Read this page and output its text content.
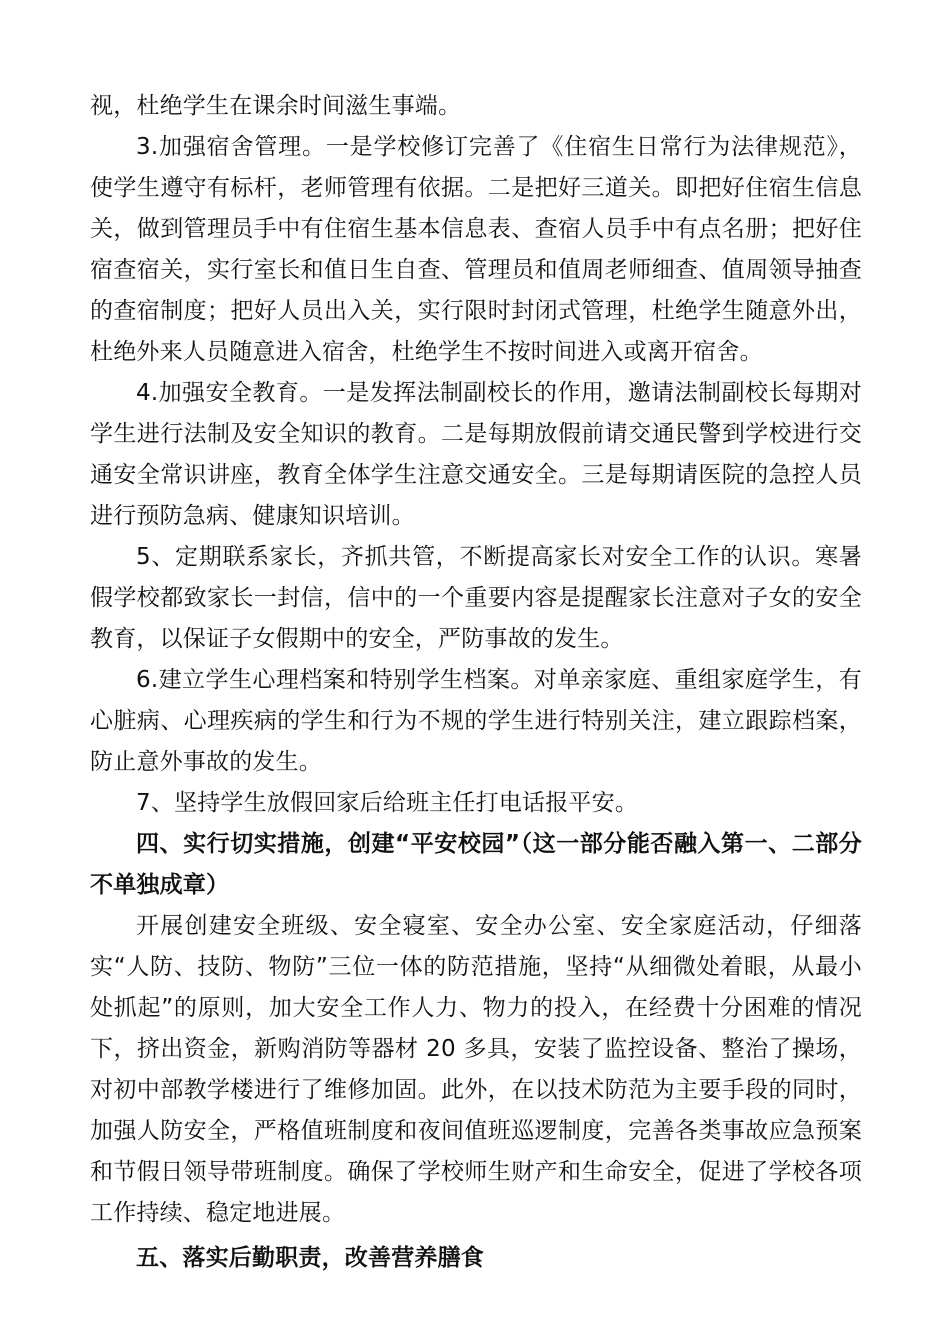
视，杜绝学生在课余时间滋生事端。

3.加强宿舍管理。一是学校修订完善了《住宿生日常行为法律规范》，使学生遵守有标杆，老师管理有依据。二是把好三道关。即把好住宿生信息关，做到管理员手中有住宿生基本信息表、查宿人员手中有点名册；把好住宿查宿关，实行室长和值日生自查、管理员和值周老师细查、值周领导抽查的查宿制度；把好人员出入关，实行限时封闭式管理，杜绝学生随意外出，杜绝外来人员随意进入宿舍，杜绝学生不按时间进入或离开宿舍。

4.加强安全教育。一是发挥法制副校长的作用，邀请法制副校长每期对学生进行法制及安全知识的教育。二是每期放假前请交通民警到学校进行交通安全常识讲座，教育全体学生注意交通安全。三是每期请医院的急控人员进行预防急病、健康知识培训。

5、定期联系家长，齐抓共管，不断提高家长对安全工作的认识。寒暑假学校都致家长一封信，信中的一个重要内容是提醒家长注意对子女的安全教育，以保证子女假期中的安全，严防事故的发生。

6.建立学生心理档案和特别学生档案。对单亲家庭、重组家庭学生，有心脏病、心理疾病的学生和行为不规的学生进行特别关注，建立跟踪档案，防止意外事故的发生。

7、坚持学生放假回家后给班主任打电话报平安。

四、实行切实措施，创建“平安校园”（这一部分能否融入第一、二部分不单独成章）

开展创建安全班级、安全寝室、安全办公室、安全家庭活动，仔细落实“人防、技防、物防”三位一体的防范措施，坚持“从细微处着眼，从最小处抓起”的原则，加大安全工作人力、物力的投入，在经费十分困难的情况下，挤出资金，新购消防等器材 20 多具，安装了监控设备、整治了操场，对初中部教学楼进行了维修加固。此外，在以技术防范为主要手段的同时，加强人防安全，严格值班制度和夜间值班巡逻制度，完善各类事故应急预案和节假日领导带班制度。确保了学校师生财产和生命安全，促进了学校各项工作持续、稳定地进展。

五、落实后勤职责，改善营养膳食
